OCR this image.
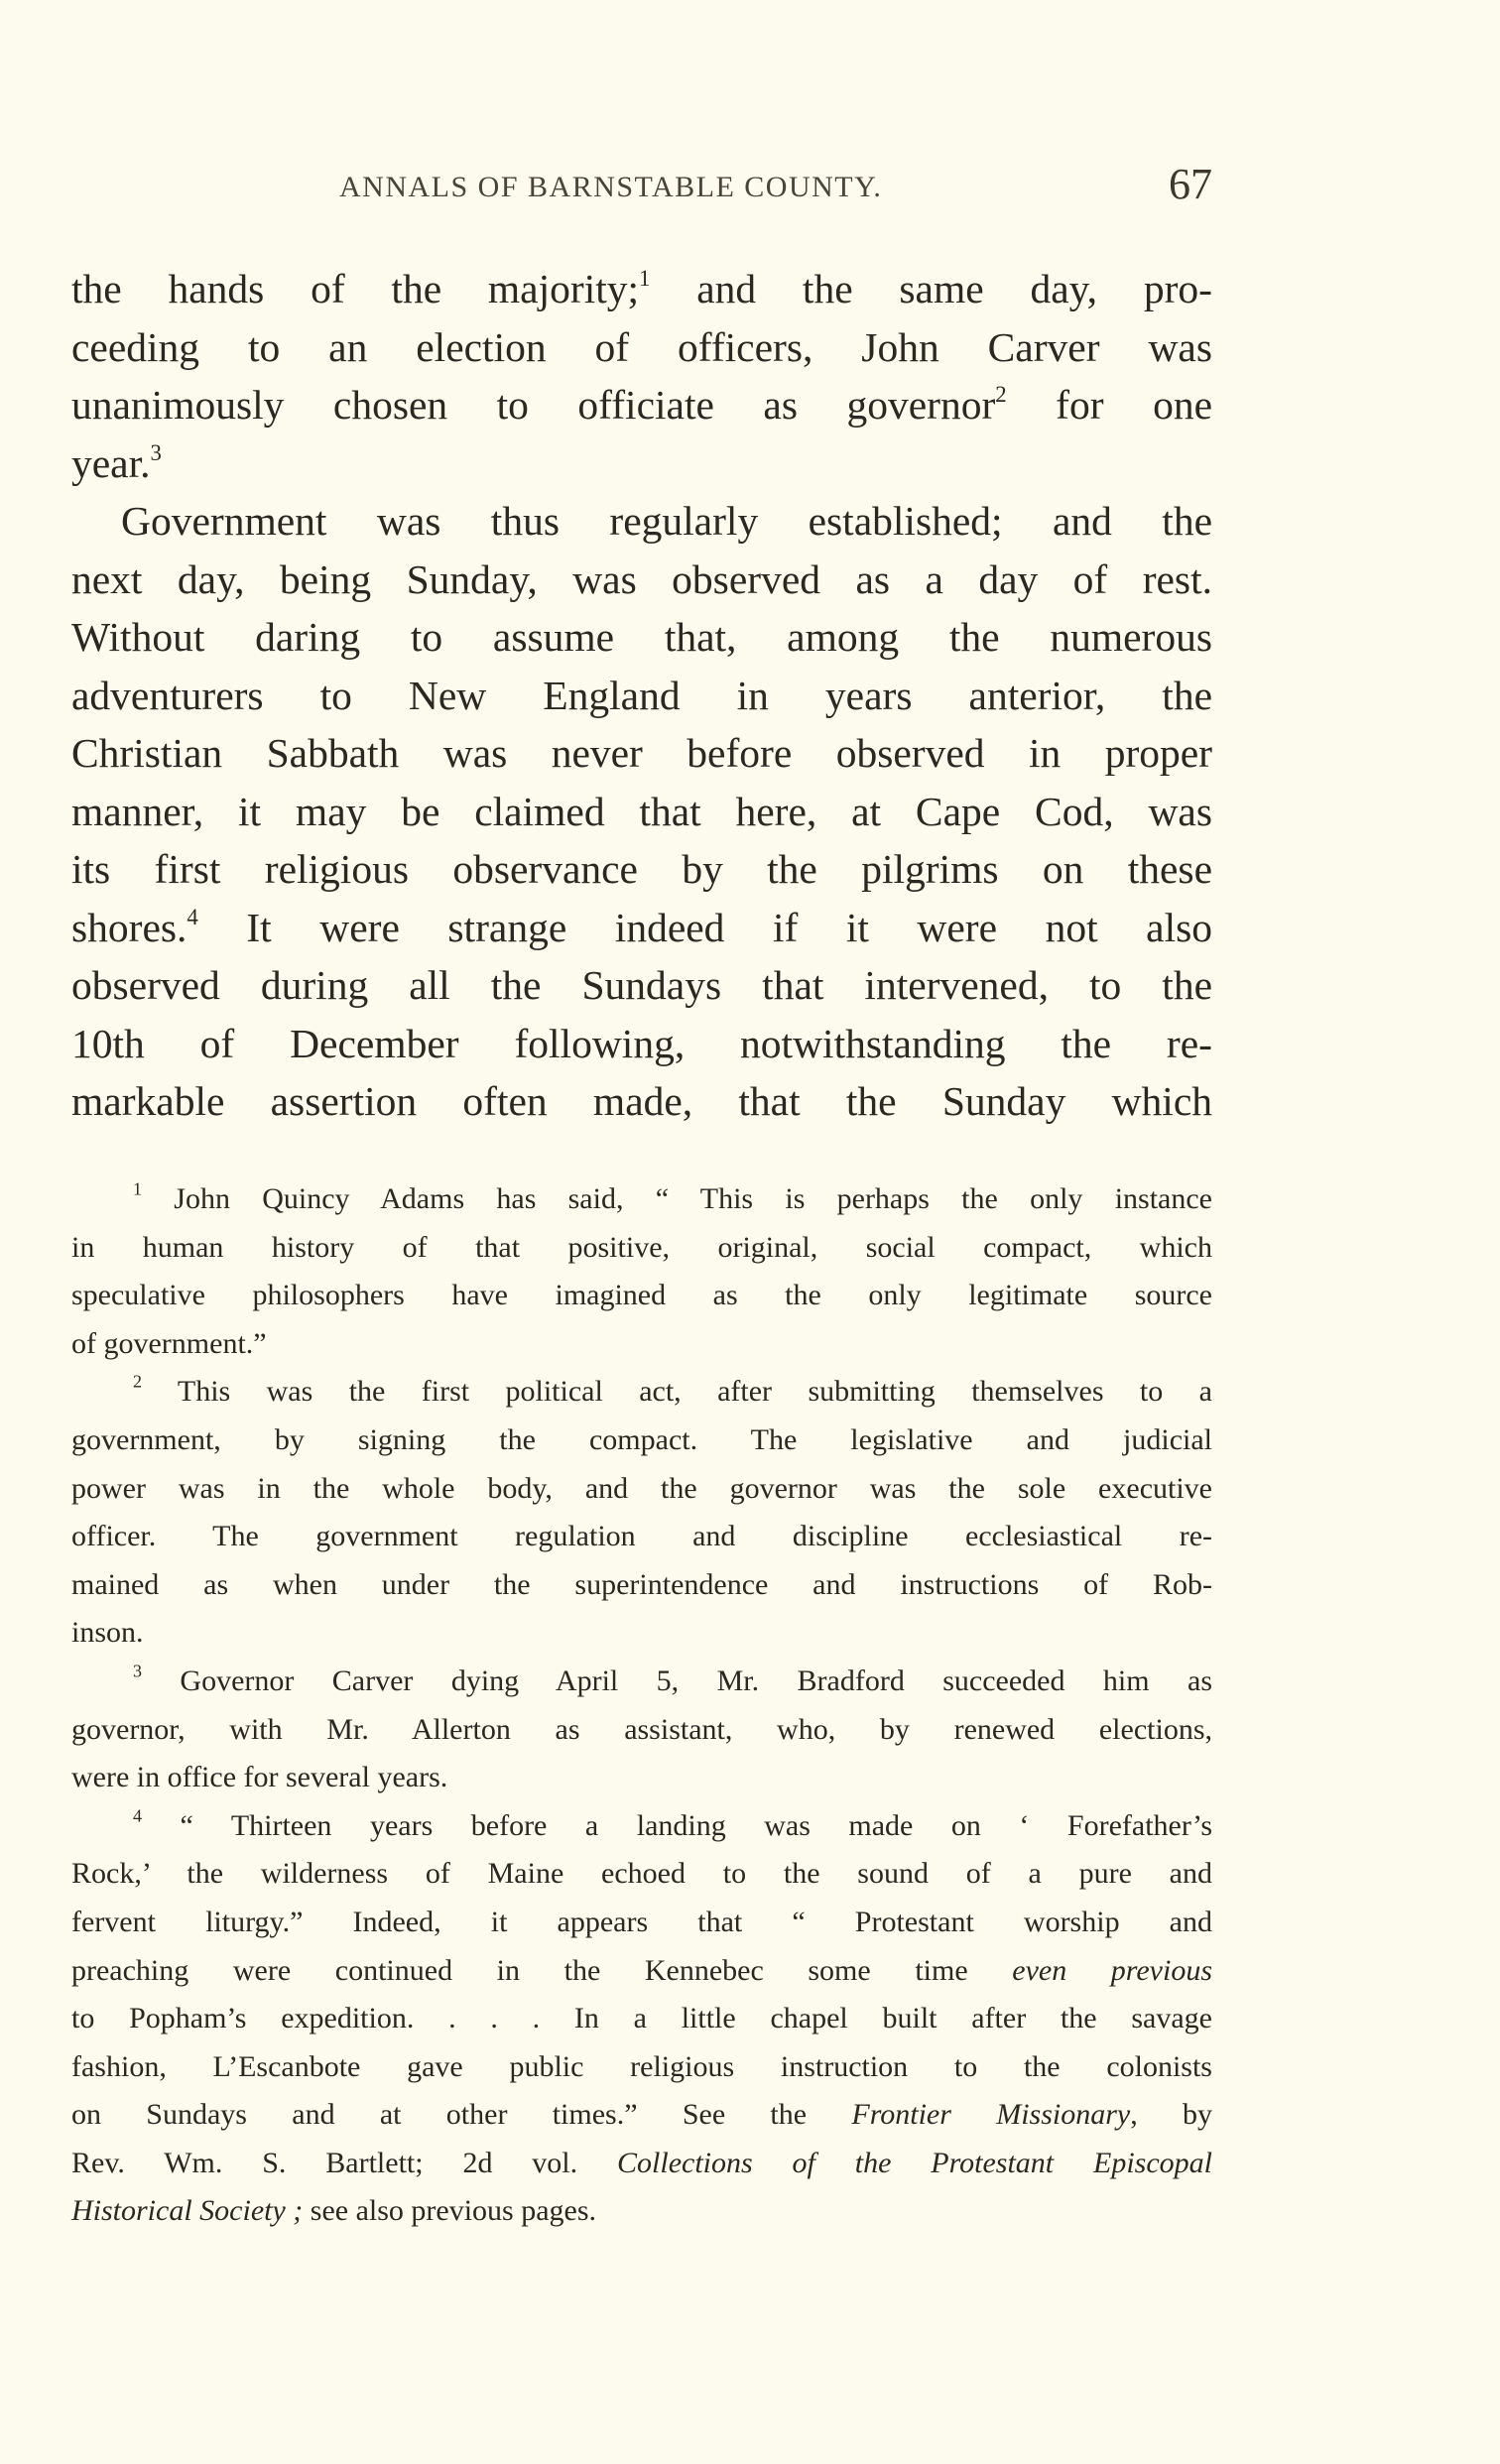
ANNALS OF BARNSTABLE COUNTY.	67
the hands of the majority;$^1$ and the same day, pro-
ceeding to an election of officers, John Carver was
unanimously chosen to officiate as governor$^2$ for one
year.$^3$
Government was thus regularly established; and the
next day, being Sunday, was observed as a day of rest.
Without daring to assume that, among the numerous
adventurers to New England in years anterior, the
Christian Sabbath was never before observed in proper
manner, it may be claimed that here, at Cape Cod, was
its first religious observance by the pilgrims on these
shores.$^4$ It were strange indeed if it were not also
observed during all the Sundays that intervened, to the
10th of December following, notwithstanding the re-
markable assertion often made, that the Sunday which
$^1$ John Quincy Adams has said, “ This is perhaps the only instance
in human history of that positive, original, social compact, which
speculative philosophers have imagined as the only legitimate source
of government.”
$^2$ This was the first political act, after submitting themselves to a
government, by signing the compact. The legislative and judicial
power was in the whole body, and the governor was the sole executive
officer. The government regulation and discipline ecclesiastical re-
mained as when under the superintendence and instructions of Rob-
inson.
$^3$ Governor Carver dying April 5, Mr. Bradford succeeded him as
governor, with Mr. Allerton as assistant, who, by renewed elections,
were in office for several years.
$^4$ “ Thirteen years before a landing was made on ‘ Forefather’s
Rock,’ the wilderness of Maine echoed to the sound of a pure and
fervent liturgy.” Indeed, it appears that “ Protestant worship and
preaching were continued in the Kennebec some time even previous
to Popham’s expedition. . . . In a little chapel built after the savage
fashion, L’Escanbote gave public religious instruction to the colonists
on Sundays and at other times.” See the Frontier Missionary, by
Rev. Wm. S. Bartlett; 2d vol. Collections of the Protestant Episcopal
Historical Society ; see also previous pages.
